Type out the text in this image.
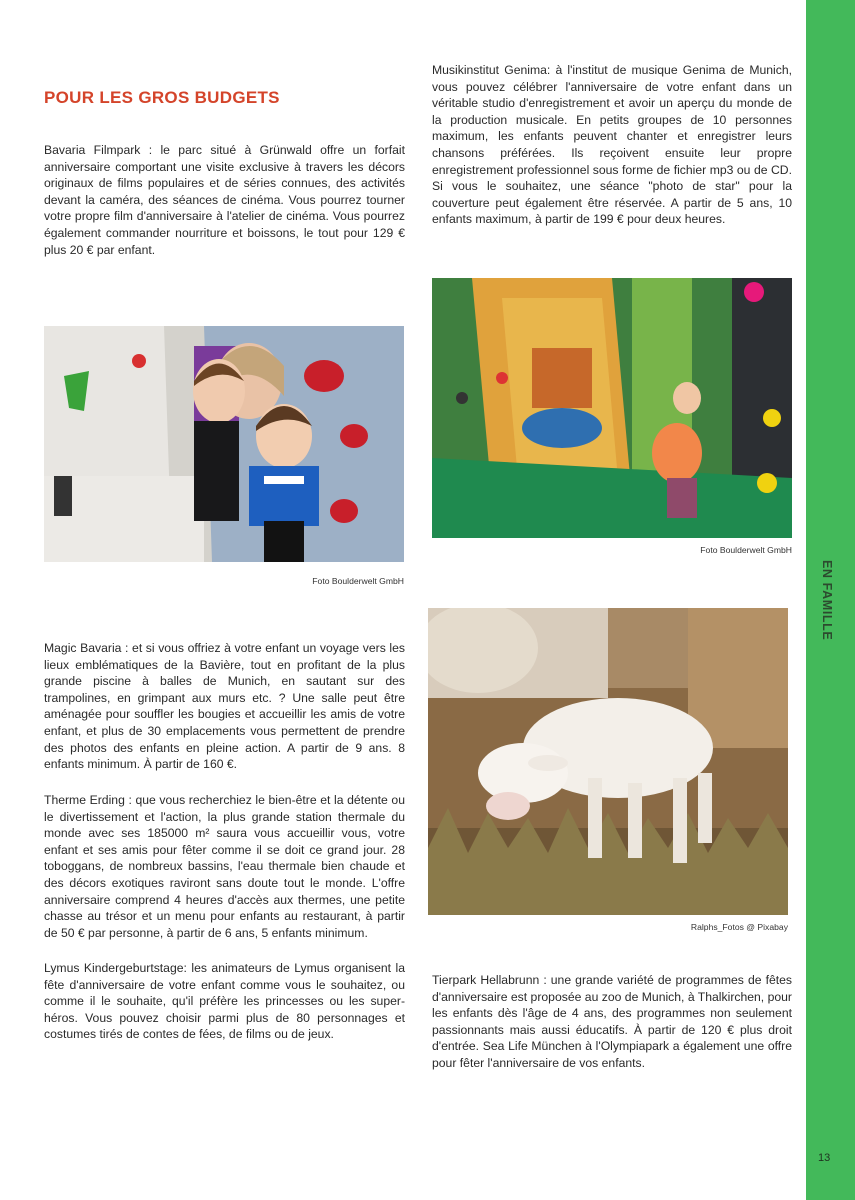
EN FAMILLE
13
POUR LES GROS BUDGETS

Bavaria Filmpark : le parc situé à Grünwald offre un forfait anniversaire comportant une visite exclusive à travers les décors originaux de films populaires et de séries connues, des activités devant la caméra, des séances de cinéma. Vous pourrez tourner votre propre film d'anniversaire à l'atelier de cinéma. Vous pourrez également commander nourriture et boissons, le tout pour 129 € plus 20 € par enfant.

Foto Boulderwelt GmbH

Magic Bavaria : et si vous offriez à votre enfant un voyage vers les lieux emblématiques de la Bavière, tout en profitant de la plus grande piscine à balles de Munich, en sautant sur des trampolines, en grimpant aux murs etc. ? Une salle peut être aménagée pour souffler les bougies et accueillir les amis de votre enfant, et plus de 30 emplacements vous permettent de prendre des photos des enfants en pleine action. A partir de 9 ans. 8 enfants minimum. À partir de 160 €.

Therme Erding : que vous recherchiez le bien-être et la détente ou le divertissement et l'action, la plus grande station thermale du monde avec ses 185000 m² saura vous accueillir vous, votre enfant et ses amis pour fêter comme il se doit ce grand jour. 28 toboggans, de nombreux bassins, l'eau thermale bien chaude et des décors exotiques raviront sans doute tout le monde. L'offre anniversaire comprend 4 heures d'accès aux thermes, une petite chasse au trésor et un menu pour enfants au restaurant, à partir de 50 € par personne, à partir de 6 ans, 5 enfants minimum.

Lymus Kindergeburtstage: les animateurs de Lymus organisent la fête d'anniversaire de votre enfant comme vous le souhaitez, ou comme il le souhaite, qu'il préfère les princesses ou les super-héros. Vous pouvez choisir parmi plus de 80 personnages et costumes tirés de contes de fées, de films ou de jeux.

Musikinstitut Genima: à l'institut de musique Genima de Munich, vous pouvez célébrer l'anniversaire de votre enfant dans un véritable studio d'enregistrement et avoir un aperçu du monde de la production musicale. En petits groupes de 10 personnes maximum, les enfants peuvent chanter et enregistrer leurs chansons préférées. Ils reçoivent ensuite leur propre enregistrement professionnel sous forme de fichier mp3 ou de CD. Si vous le souhaitez, une séance "photo de star" pour la couverture peut également être réservée. A partir de 5 ans, 10 enfants maximum, à partir de 199 € pour deux heures.

Foto Boulderwelt GmbH

Ralphs_Fotos @ Pixabay

Tierpark Hellabrunn : une grande variété de programmes de fêtes d'anniversaire est proposée au zoo de Munich, à Thalkirchen, pour les enfants dès l'âge de 4 ans, des programmes non seulement passionnants mais aussi éducatifs. À partir de 120 € plus droit d'entrée. Sea Life München à l'Olympiapark a également une offre pour fêter l'anniversaire de vos enfants.
